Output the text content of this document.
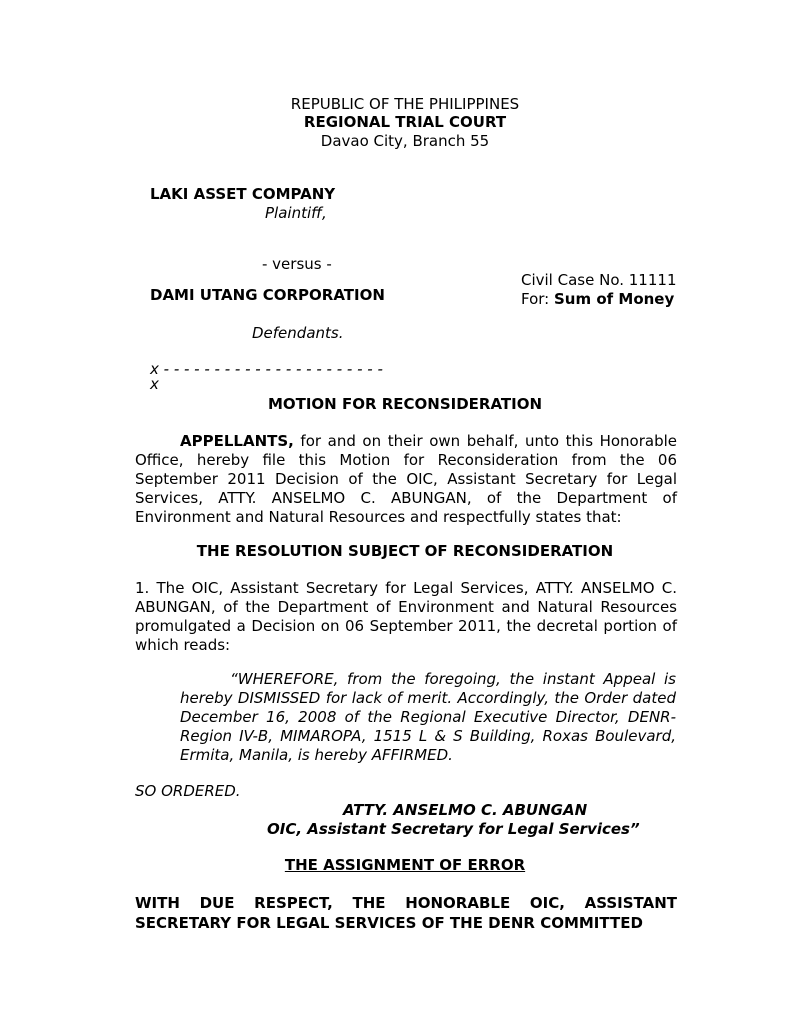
REPUBLIC OF THE PHILIPPINES
REGIONAL TRIAL COURT
Davao City, Branch 55
LAKI ASSET COMPANY
Plaintiff,
- versus -
DAMI UTANG CORPORATION
Civil Case No. 11111
For: Sum of Money
Defendants.
x - - - - - - - - - - - - - - - - - - - - - -
x
MOTION FOR RECONSIDERATION
APPELLANTS, for and on their own behalf, unto this Honorable Office, hereby file this Motion for Reconsideration from the 06 September 2011 Decision of the OIC, Assistant Secretary for Legal Services, ATTY. ANSELMO C. ABUNGAN, of the Department of Environment and Natural Resources and respectfully states that:
THE RESOLUTION SUBJECT OF RECONSIDERATION
1. The OIC, Assistant Secretary for Legal Services, ATTY. ANSELMO C. ABUNGAN, of the Department of Environment and Natural Resources promulgated a Decision on 06 September 2011, the decretal portion of which reads:
“WHEREFORE, from the foregoing, the instant Appeal is hereby DISMISSED for lack of merit. Accordingly, the Order dated December 16, 2008 of the Regional Executive Director, DENR-Region IV-B, MIMAROPA, 1515 L & S Building, Roxas Boulevard, Ermita, Manila, is hereby AFFIRMED.
SO ORDERED.
ATTY. ANSELMO C. ABUNGAN
OIC, Assistant Secretary for Legal Services”
THE ASSIGNMENT OF ERROR
WITH DUE RESPECT, THE HONORABLE OIC, ASSISTANT SECRETARY FOR LEGAL SERVICES OF THE DENR COMMITTED
